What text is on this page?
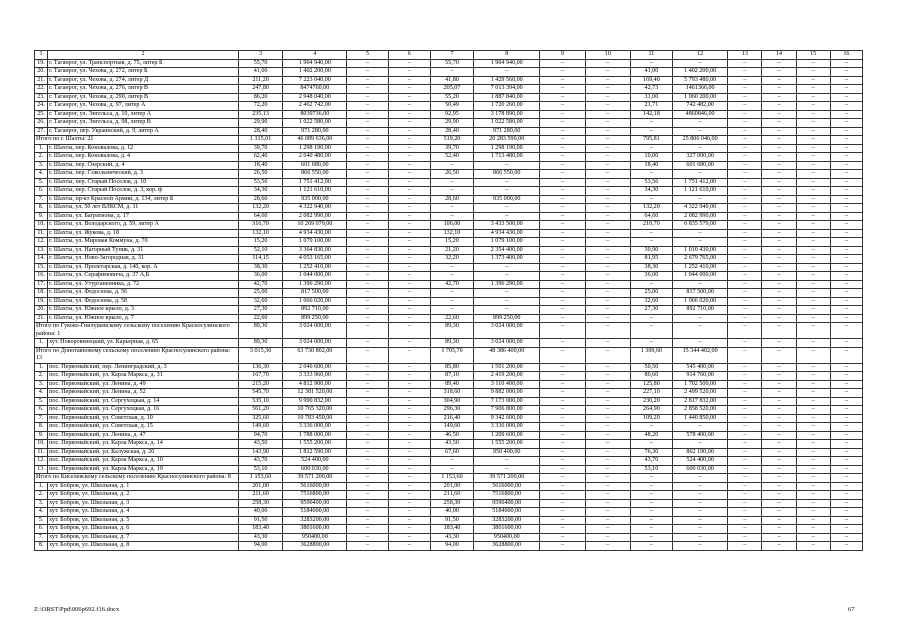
1	2	3	4	5	6	7	8	9	10	11	12	13	14	15	16
19.	г. Таганрог, ул. Транспортная, д. 75, литер Б	55,70	1 904 940,00	–	–	55,70	1 904 940,00	–	–	–	–	–	–	–	–
20.	г. Таганрог, ул. Чехова, д. 272, литер Б	41,00	1 402 200,00	–	–	–	–	–	–	41,00	1 402 200,00	–	–	–	–
21.	г. Таганрог, ул. Чехова, д. 274, литер Д	211,20	7 223 040,00	–	–	41,80	1 429 560,00	–	–	169,40	5 793 480,00	–	–	–	–
22.	г. Таганрог, ул. Чехова, д. 276, литер В	247,80	8474760,00	–	–	205,07	7 013 394,00	–	–	42,73	1461366,00	–	–	–	–
23.	г. Таганрог, ул. Чехова, д. 290, литер В	86,20	2 948 040,00	–	–	55,20	1 887 840,00	–	–	31,00	1 060 200,00	–	–	–	–
24.	г. Таганрог, ул. Чехова, д. 97, литер А	72,20	2 462 742,00	–	–	50,49	1 720 260,00	–	–	21,71	742 482,00	–	–	–	–
25.	г. Таганрог, ул. Энгельса, д. 10, литер А	235,13	8039736,00	–	–	92,95	3 178 890,00	–	–	142,18	4860846,00	–	–	–	–
26.	г. Таганрог, ул. Энгельса, д. 98, литер В	29,90	1 022 580,00	–	–	29,90	1 022 580,00	–	–	–	–	–	–	–	–
27.	г. Таганрог, пер. Украинский, д. 9, литер А	28,40	971 280,00	–	–	28,40	971 280,00	–	–	–	–	–	–	–	–
Итого по г. Шахты: 21		1 315,01	46 089 636,00	–	–	519,20	20 283 590,00	–	–	795,81	25 806 046,00	–	–	–	–
1.	г. Шахты, пер. Коновалова, д. 12	39,70	1 298 190,00	–	–	39,70	1 298 190,00	–	–	–	–	–	–	–	–
2.	г. Шахты, пер. Коновалова, д. 4	62,40	2 040 480,00	–	–	52,40	1 713 480,00	–	–	10,00	327 000,00	–	–	–	–
3.	г. Шахты, пер. Озерский, д. 4	18,40	601 680,00	–	–	–	–	–	–	18,40	601 680,00	–	–	–	–
4.	г. Шахты, пер. Сокольнический, д. 3	26,50	866 550,00	–	–	26,50	866 550,00	–	–	–	–	–	–	–	–
5.	г. Шахты, пер. Старый Поселок, д. 10	53,56	1 751 412,00	–	–	–	–	–	–	53,56	1 751 412,00	–	–	–	–
6.	г. Шахты, пер. Старый Поселок, д. 3, кор. ф	34,30	1 121 610,00	–	–	–	–	–	–	34,30	1 121 610,00	–	–	–	–
7.	г. Шахты, пр-кт Красной Армии, д. 134, литер Б	28,60	935 000,00	–	–	28,60	935 000,00	–	–	–	–	–	–	–	–
8.	г. Шахты, ул. 50 лет ВЛКСМ, д. 11	132,20	4 322 940,00	–	–	–	–	–	–	132,20	4 322 940,00	–	–	–	–
9.	г. Шахты, ул. Багратиона, д. 17	64,60	2 082 990,00	–	–	–	–	–	–	64,60	2 082 990,00	–	–	–	–
10.	г. Шахты, ул. Володарского, д. 59, литер А	316,70	10 269 079,00	–	–	106,00	3 433 500,00	–	–	210,70	6 835 579,00	–	–	–	–
11.	г. Шахты, ул. Жукова, д. 18	132,10	4 934 430,00	–	–	132,10	4 934 430,00	–	–	–	–	–	–	–	–
12.	г. Шахты, ул. Мировая Коммуна, д. 70	15,20	1 079 100,00	–	–	15,20	1 079 100,00	–	–	–	–	–	–	–	–
13.	г. Шахты, ул. Нагорный Тупик, д. 31	52,10	3 364 830,00	–	–	21,20	2 354 400,00	–	–	30,90	1 010 430,00	–	–	–	–
14.	г. Шахты, ул. Ново-Загородная, д. 31	114,15	4 053 165,00	–	–	32,20	1 373 400,00	–	–	81,95	2 679 765,00	–	–	–	–
15.	г. Шахты, ул. Пролетарская, д. 140, кор. А	38,30	1 252 410,00	–	–	–	–	–	–	38,30	1 252 410,00	–	–	–	–
16.	г. Шахты, ул. Серафимовича, д. 37 А,Б	36,00	1 044 000,00	–	–	–	–	–	–	36,00	1 044 000,00	–	–	–	–
17.	г. Шахты, ул. Утурганенника, д. 72	42,70	1 396 290,00	–	–	42,70	1 396 290,00	–	–	–	–	–	–	–	–
18.	г. Шахты, ул. Федосеева, д. 56	25,00	817 500,00	–	–	–	–	–	–	25,00	817 500,00	–	–	–	–
19.	г. Шахты, ул. Федосеева, д. 58	32,60	1 066 020,00	–	–	–	–	–	–	32,60	1 066 020,00	–	–	–	–
20.	г. Шахты, ул. Южное крыло, д. 3	27,30	892 710,00	–	–	–	–	–	–	27,30	892 710,00	–	–	–	–
21.	г. Шахты, ул. Южное крыло, д. 7	22,60	899 250,00	–	–	22,60	899 250,00	–	–	–	–	–	–	–	–
Итого по Гуково-Гнилушевскому сельскому поселению Красносулинского района: 1		89,30	3 024 000,00	–	–	89,30	3 024 000,00	–	–	–	–	–	–	–	–
1.	хут. Новоровенецкий, ул. Карьерная, д. 65	89,30	3 024 000,00	–	–	89,30	3 024 000,00	–	–	–	–	–	–	–	–
Итого по Донотавновому сельскому поселению Красносулинского района: 13		3 015,30	63 730 802,00	–	–	1 705,70	48 386 400,00	–	–	1 309,60	15 344 402,00	–	–	–	–
1.	пос. Первомайский, пер. Ленинградский, д. 3	136,30	2 046 600,00	–	–	85,80	1 501 200,00	–	–	50,50	545 400,00	–	–	–	–
2.	пос. Первомайский, ул. Карла Маркса, д. 31	167,70	3 333 960,00	–	–	87,10	2 419 200,00	–	–	80,60	914 760,00	–	–	–	–
3.	пос. Первомайский, ул. Ленина, д. 49	215,20	4 812 900,00	–	–	89,40	3 110 400,00	–	–	125,80	1 702 500,00	–	–	–	–
4.	пос. Первомайский, ул. Ленина, д. 52	545,70	12 381 520,00	–	–	318,60	9 882 000,00	–	–	227,10	2 499 520,00	–	–	–	–
5.	пос. Первомайский, ул. Сергухоцкая, д. 14	535,10	9 990 832,00	–	–	304,90	7 173 000,00	–	–	230,20	2 817 832,00	–	–	–	–
6.	пос. Первомайский, ул. Сергухоцкая, д. 16	561,20	10 765 320,00	–	–	296,30	7 906 800,00	–	–	264,90	2 858 520,00	–	–	–	–
7.	пос. Первомайский, ул. Советская, д. 10	325,60	10 783 450,00	–	–	216,40	9 342 600,00	–	–	109,20	1 440 850,00	–	–	–	–
8.	пос. Первомайский, ул. Советская, д. 15	149,60	3 336 000,00	–	–	149,60	3 336 000,00	–	–	–	–	–	–	–	–
9.	пос. Первомайский, ул. Ленина, д. 47	94,70	1 788 000,00	–	–	46,50	1 209 600,00	–	–	48,20	578 400,00	–	–	–	–
10.	пос. Первомайский, ул. Карла Маркса, д. 14	43,50	1 555 200,00	–	–	43,50	1 555 200,00	–	–	–	–	–	–	–	–
11.	пос. Первомайский, ул. Калужская, д. 20	143,90	1 812 590,00	–	–	67,60	950 400,00	–	–	76,30	862 190,00	–	–	–	–
12.	пос. Первомайский, ул. Карла Маркса, д. 10	43,70	524 400,00	–	–	–	–	–	–	43,70	524 400,00	–	–	–	–
13.	пос. Первомайский, ул. Карла Маркса, д. 19	53,10	600 030,00	–	–	–	–	–	–	53,10	600 030,00	–	–	–	–
Итого по Киселевскому сельскому поселению Красносулинского района: 8		1 153,60	39 571 200,00	–	–	1 153,60	39 571 200,00	–	–	–	–	–	–	–	–
1.	хут. Бобров, ул. Школьная, д. 1	201,00	5616000,00	–	–	201,00	5616000,00	–	–	–	–	–	–	–	–
2.	хут. Бобров, ул. Школьная, д. 2	211,60	7516800,00	–	–	211,60	7516800,00	–	–	–	–	–	–	–	–
3.	хут. Бобров, ул. Школьная, д. 3	258,30	9590400,00	–	–	258,30	9590400,00	–	–	–	–	–	–	–	–
4.	хут. Бобров, ул. Школьная, д. 4	40,00	5184000,00	–	–	40,00	5184000,00	–	–	–	–	–	–	–	–
5.	хут. Бобров, ул. Школьная, д. 5	91,50	3283200,00	–	–	91,50	3283200,00	–	–	–	–	–	–	–	–
6.	хут. Бобров, ул. Школьная, д. 6	183,40	3801600,00	–	–	183,40	3801600,00	–	–	–	–	–	–	–	–
7.	хут. Бобров, ул. Школьная, д. 7	43,30	950400,00	–	–	43,30	950400,00	–	–	–	–	–	–	–	–
8.	хут. Бобров, ул. Школьная, д. 8	94,00	3628800,00	–	–	94,00	3628800,00	–	–	–	–	–	–	–	–
Z:\ORST\Ppd\006p692.f16.docx	67
